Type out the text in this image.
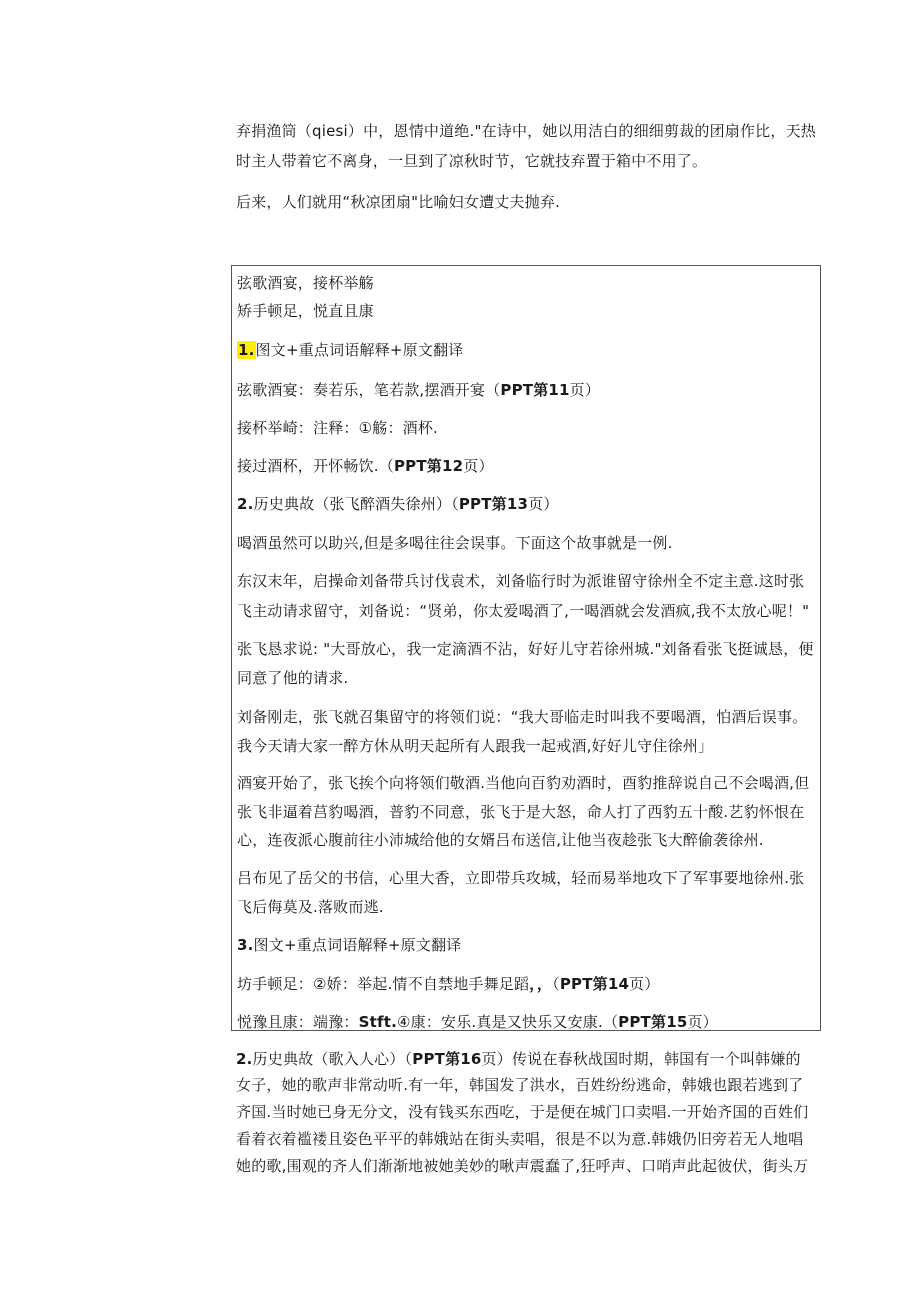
弃捐渔筒（qiesi）中，恩情中道绝."在诗中，她以用洁白的细细剪裁的团扇作比，天热
时主人带着它不离身，一旦到了凉秋时节，它就技弃置于箱中不用了。
后来，人们就用“秋凉团扇"比喻妇女遭丈夫抛弃.
弦歌酒宴，接杯举觞
矫手顿足，悦直且康
1.图文+重点词语解释+原文翻译
弦歌酒宴：奏若乐，笔若款,摆酒开宴（PPT第11页）
接杯举崎：注释：①觞：酒杯.
接过酒杯，开怀畅饮.（PPT第12页）
2.历史典故（张飞醉酒失徐州）（PPT第13页）
喝酒虽然可以助兴,但是多喝往往会误事。下面这个故事就是一例.
东汉末年，启操命刘备带兵讨伐袁术，刘备临行时为派谁留守徐州全不定主意.这时张
飞主动请求留守，刘备说：“贤弟，你太爱喝酒了,一喝酒就会发酒疯,我不太放心呢！"
张飞恳求说: "大哥放心，我一定滴酒不沾，好好儿守若徐州城."刘备看张飞挺诚恳，便
同意了他的请求.
刘备刚走，张飞就召集留守的将领们说：“我大哥临走时叫我不要喝酒，怕酒后误事。
我今天请大家一醉方休从明天起所有人跟我一起戒酒,好好儿守住徐州」
酒宴开始了，张飞挨个向将领们敬酒.当他向百豹劝酒时，酉豹推辞说自己不会喝酒,但
张飞非逼着莒豹喝酒，普豹不同意，张飞于是大怒，命人打了西豹五十酸.艺豹怀恨在
心，连夜派心腹前往小沛城给他的女婿吕布送信,让他当夜趁张飞大醉偷袭徐州.
吕布见了岳父的书信，心里大香，立即带兵攻城，轻而易举地攻下了军事要地徐州.张
飞后侮莫及.落败而逃.
3.图文+重点词语解释+原文翻译
坊手顿足：②娇：举起.情不自禁地手舞足蹈，，（PPT第14页）
悦豫且康：端豫：Stft.④康：安乐.真是又快乐又安康.（PPT第15页）
2.历史典故（歌入人心）（PPT第16页）传说在春秋战国时期，韩国有一个叫韩嫌的
女子，她的歌声非常动听.有一年，韩国发了洪水，百姓纷纷逃命，韩娥也跟若逃到了
齐国.当时她已身无分文，没有钱买东西吃，于是便在城门口卖唱.一开始齐国的百姓们
看着衣着褴褛且姿色平平的韩娥站在街头卖唱，很是不以为意.韩娥仍旧旁若无人地唱
她的歌,围观的齐人们渐渐地被她美妙的啾声震蠢了,狂呼声、口哨声此起彼伏，街头万
